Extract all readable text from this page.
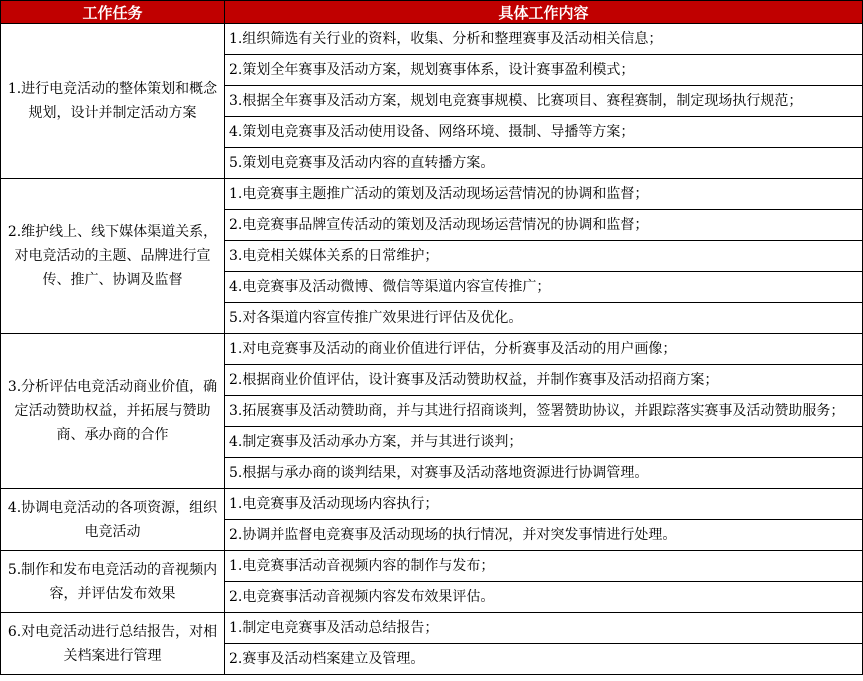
工作任务	具体工作内容
1.进行电竞活动的整体策划和概念规划，设计并制定活动方案	1.组织筛选有关行业的资料，收集、分析和整理赛事及活动相关信息；
	2.策划全年赛事及活动方案，规划赛事体系，设计赛事盈利模式；
	3.根据全年赛事及活动方案，规划电竞赛事规模、比赛项目、赛程赛制，制定现场执行规范；
	4.策划电竞赛事及活动使用设备、网络环境、摄制、导播等方案；
	5.策划电竞赛事及活动内容的直转播方案。
2.维护线上、线下媒体渠道关系，对电竞活动的主题、品牌进行宣传、推广、协调及监督	1.电竞赛事主题推广活动的策划及活动现场运营情况的协调和监督；
	2.电竞赛事品牌宣传活动的策划及活动现场运营情况的协调和监督；
	3.电竞相关媒体关系的日常维护；
	4.电竞赛事及活动微博、微信等渠道内容宣传推广；
	5.对各渠道内容宣传推广效果进行评估及优化。
3.分析评估电竞活动商业价值，确定活动赞助权益，并拓展与赞助商、承办商的合作	1.对电竞赛事及活动的商业价值进行评估，分析赛事及活动的用户画像；
	2.根据商业价值评估，设计赛事及活动赞助权益，并制作赛事及活动招商方案；
	3.拓展赛事及活动赞助商，并与其进行招商谈判，签署赞助协议，并跟踪落实赛事及活动赞助服务；
	4.制定赛事及活动承办方案，并与其进行谈判；
	5.根据与承办商的谈判结果，对赛事及活动落地资源进行协调管理。
4.协调电竞活动的各项资源，组织电竞活动	1.电竞赛事及活动现场内容执行；
	2.协调并监督电竞赛事及活动现场的执行情况，并对突发事情进行处理。
5.制作和发布电竞活动的音视频内容，并评估发布效果	1.电竞赛事活动音视频内容的制作与发布；
	2.电竞赛事活动音视频内容发布效果评估。
6.对电竞活动进行总结报告，对相关档案进行管理	1.制定电竞赛事及活动总结报告；
	2.赛事及活动档案建立及管理。
